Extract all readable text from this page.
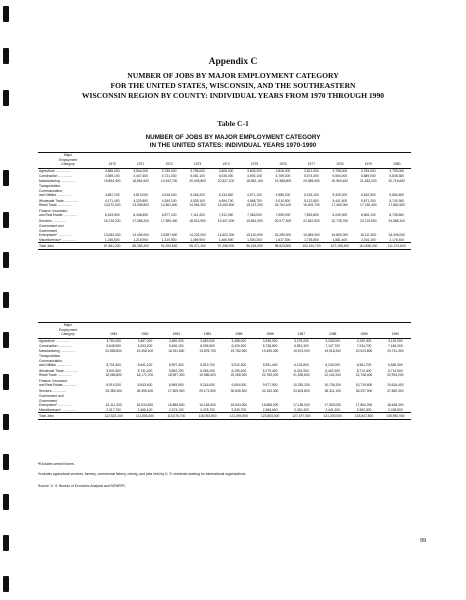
Appendix C
NUMBER OF JOBS BY MAJOR EMPLOYMENT CATEGORY
FOR THE UNITED STATES, WISCONSIN, AND THE SOUTHEASTERN
WISCONSIN REGION BY COUNTY: INDIVIDUAL YEARS FROM 1970 THROUGH 1990
Table C-1
NUMBER OF JOBS BY MAJOR EMPLOYMENT CATEGORY
IN THE UNITED STATES: INDIVIDUAL YEARS 1970-1990
Major
Employment
Category	1970	1971	1972	1973	1974	1975	1976	1977	1978	1979	1980

Agriculture ...............	3,889,000	3,844,000	3,789,000	3,796,000	3,808,000	3,805,000	3,828,000	3,812,000	3,798,000	3,784,000	3,795,000

Construction ...............	4,369,100	4,447,400	4,721,000	5,061,100	5,035,000	4,692,100	4,769,000	5,074,300	5,564,000	5,889,000	5,838,300

Manufacturing ...............	19,894,400	18,851,600	19,342,700	20,409,800	20,327,100	18,851,100	19,388,800	20,058,500	20,963,400	21,483,200	20,716,600

Transportation,
Communication,
and Utilities ...............	4,857,100	4,819,000	4,916,000	5,063,200	5,134,800	4,971,100	4,985,200	5,153,100	5,409,200	5,616,900	5,680,600

Wholesale Trade ...............	4,171,400	4,229,800	4,390,100	4,528,100	4,694,700	4,868,700	5,010,900	5,112,800	5,441,500	5,671,200	5,740,300

Retail Trade ...............	13,572,000	13,005,800	14,361,600	14,954,200	15,263,500	15,157,200	15,764,100	16,409,700	17,360,000	17,760,400	17,862,500

Finance, Insurance,
and Real Estate ...............	6,163,500	6,346,600	6,877,100	7,111,400	7,312,000	7,363,000	7,559,000	7,853,800	8,249,300	8,506,100	8,735,600

Services ...............	16,728,200	17,088,200	17,989,400	18,914,900	19,407,000	19,661,900	20,577,300	21,542,500	22,735,700	23,719,500	24,588,100

Government and
Government
Enterprisesª ...............	13,084,000	13,406,000	13,857,600	14,232,000	14,602,000	15,140,000	15,280,000	15,489,000	15,890,000	16,111,500	16,345,000

Miscellaneousᵇ ...............	1,246,500	1,218,900	1,310,900	1,369,900	1,460,900	1,530,200	1,617,000	1,725,800	1,881,400	2,016,100	2,176,400
Total Jobs	87,861,200	88,383,400	91,293,600	95,471,200	97,258,900	96,018,300	98,823,800	102,434,700	107,158,400	110,558,200	111,274,800
Major
Employment
Category	1981	1982	1983	1984	1985	1986	1987	1988	1989	1990

Agriculture ...............	3,760,000	3,687,000	3,680,000	3,669,000	3,488,000	3,336,000	3,278,000	3,228,000	3,190,000	3,115,000

Construction ...............	5,648,500	5,263,200	5,460,100	6,096,500	6,425,300	6,738,800	6,891,300	7,107,700	7,234,700	7,184,300

Manufacturing ...............	20,858,800	19,306,100	18,911,600	19,878,700	19,782,900	19,495,300	19,574,000	19,918,200	20,024,800	19,731,000

Transportation,
Communication,
and Utilities ...............	5,701,500	5,641,100	5,597,400	5,819,700	5,912,300	5,951,400	6,125,800	6,249,000	6,361,700	6,545,300

Wholesale Trade ...............	5,831,600	5,731,400	5,852,200	6,066,200	6,190,400	6,179,400	6,324,900	6,462,900	6,712,400	6,714,500

Retail Trade ...............	18,086,800	18,171,700	18,597,300	19,585,600	20,285,300	20,785,000	21,526,600	22,162,200	22,748,400	22,994,200

Finance, Insurance,
and Real Estate ...............	8,919,200	8,943,400	8,969,900	9,216,000	9,554,000	9,977,900	10,283,200	10,736,200	10,719,600	10,616,400

Services ...............	25,389,400	26,395,400	27,609,900	29,171,500	30,845,300	32,153,300	33,603,800	35,311,100	36,297,900	37,860,300

Government and
Government
Enterprisesª ...............	16,111,300	16,534,500	16,886,500	16,164,600	16,524,000	16,888,000	17,165,000	17,553,000	17,864,000	18,468,300

Miscellaneousᵇ ...............	2,417,700	2,466,100	2,373,100	2,478,700	2,530,700	2,365,600	2,430,400	2,441,200	2,380,300	2,428,800
Total Jobs	112,524,100	111,536,400	113,076,700	118,093,800	121,494,900	123,853,400	127,197,000	131,200,000	133,847,800	135,950,900
ªExcludes armed forces.
ᵇIncludes agricultural services, forestry, commercial fishery, mining, and jobs held by U. S. residents working for international organizations.
Source: U. S. Bureau of Economic Analysis and SEWRPC.
99
